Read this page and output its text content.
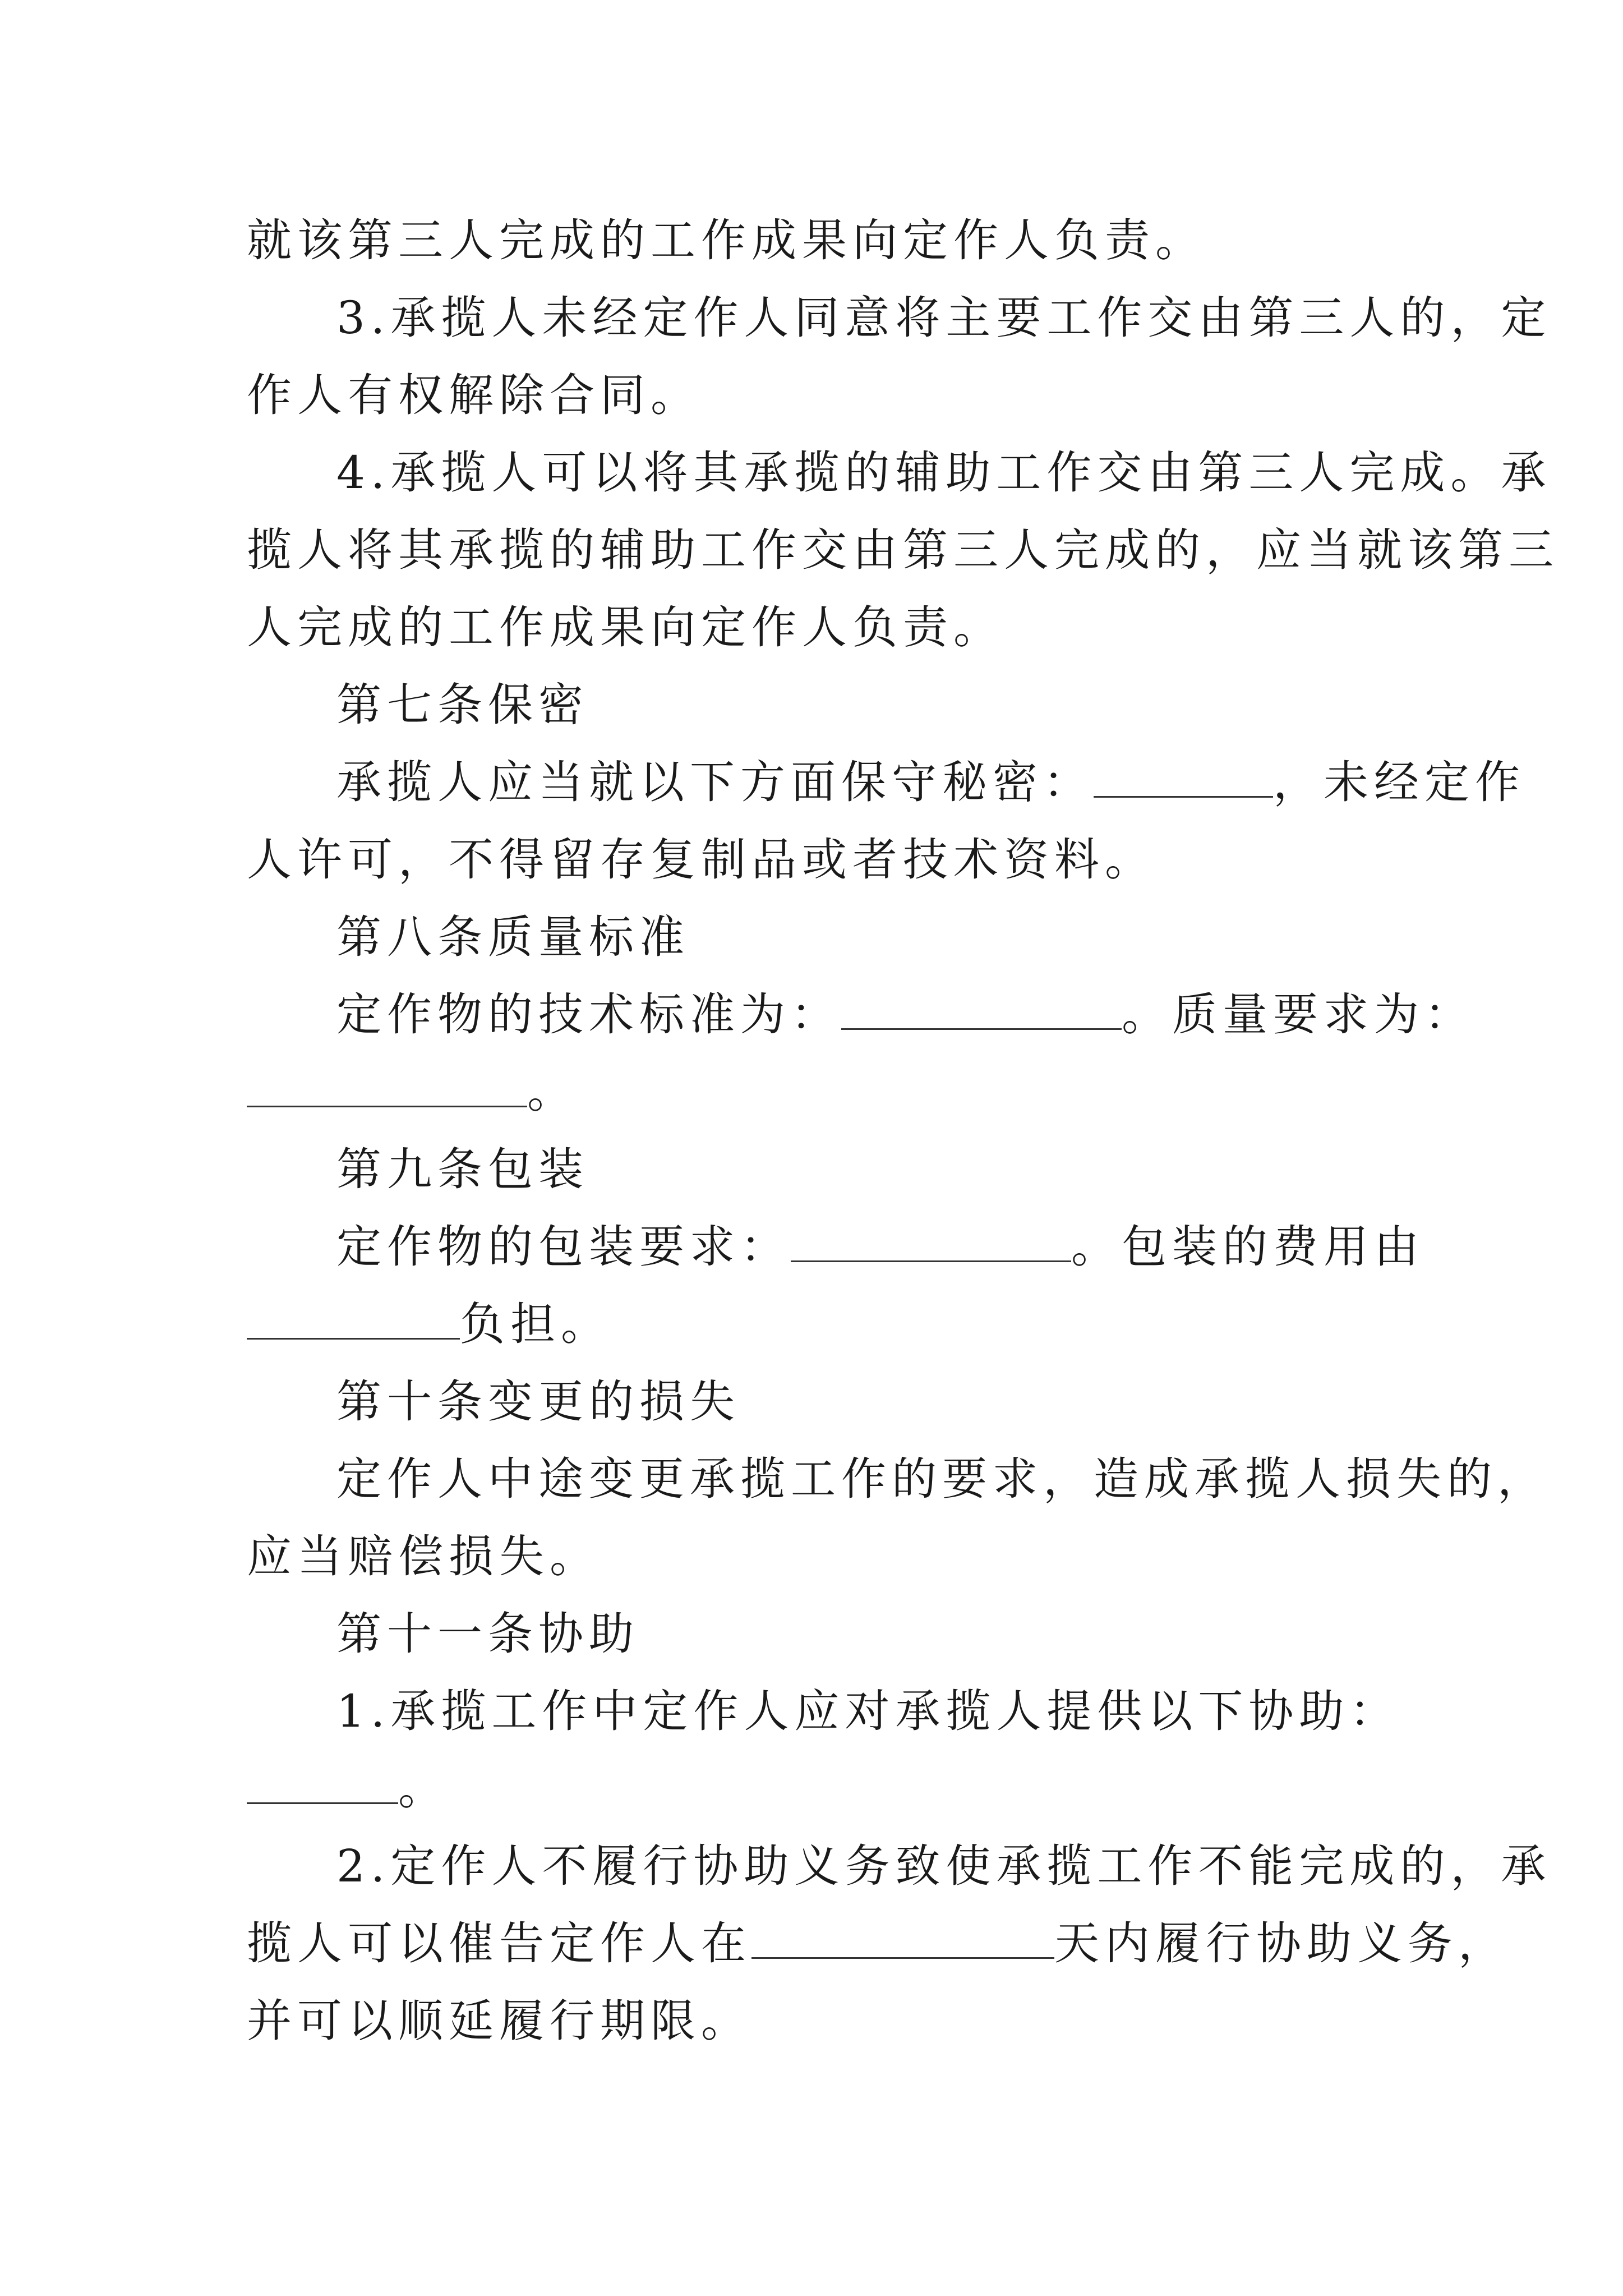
就该第三人完成的工作成果向定作人负责。

3.承揽人未经定作人同意将主要工作交由第三人的，定

作人有权解除合同。

4.承揽人可以将其承揽的辅助工作交由第三人完成。承

揽人将其承揽的辅助工作交由第三人完成的，应当就该第三

人完成的工作成果向定作人负责。

第七条保密

承揽人应当就以下方面保守秘密：	，未经定作

人许可，不得留存复制品或者技术资料。

第八条质量标准

定作物的技术标准为：	。质量要求为：

。

第九条包装

定作物的包装要求：	。包装的费用由

负担。

第十条变更的损失

定作人中途变更承揽工作的要求，造成承揽人损失的，

应当赔偿损失。

第十一条协助

1.承揽工作中定作人应对承揽人提供以下协助：

。

2.定作人不履行协助义务致使承揽工作不能完成的，承

揽人可以催告定作人在	天内履行协助义务，

并可以顺延履行期限。
